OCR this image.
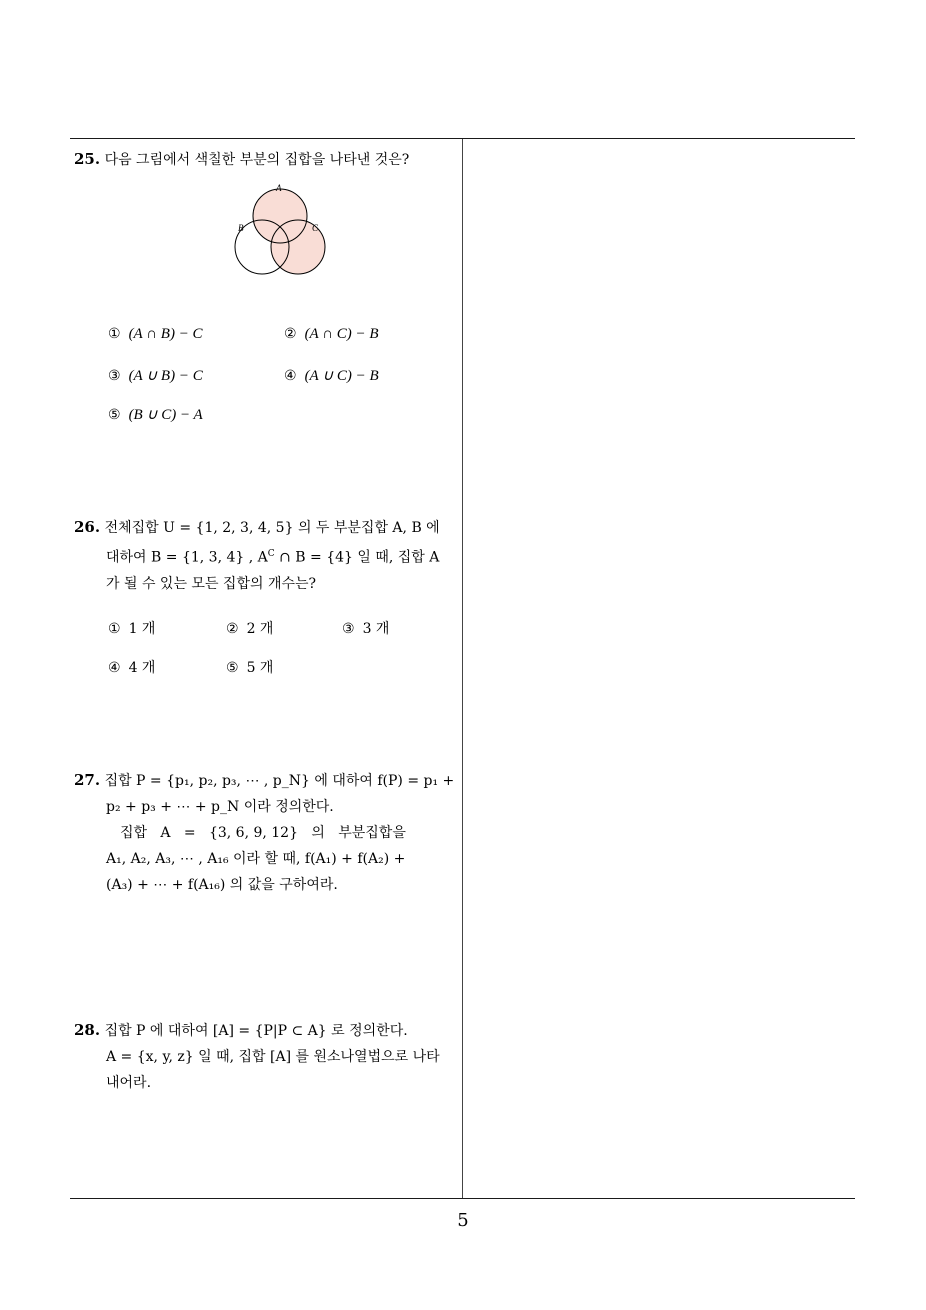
25. 다음 그림에서 색칠한 부분의 집합을 나타낸 것은?
A
B	C
① (A ∩ B) − C	② (A ∩ C) − B
③ (A ∪ B) − C	④ (A ∪ C) − B
⑤ (B ∪ C) − A
26. 전체집합 U = {1, 2, 3, 4, 5} 의 두 부분집합 A, B 에
대하여 B = {1, 3, 4} , $A^C$ ∩ B = {4} 일 때, 집합 A
가 될 수 있는 모든 집합의 개수는?
① 1 개	② 2 개	③ 3 개
④ 4 개	⑤ 5 개
27. 집합 P = {p₁, p₂, p₃, ⋯ , p_N} 에 대하여 f(P) = p₁ +
p₂ + p₃ + ⋯ + p_N 이라 정의한다.
집합   A   =   {3, 6, 9, 12}   의   부분집합을
A₁, A₂, A₃, ⋯ , A₁₆ 이라 할 때, f(A₁) + f(A₂) +
(A₃) + ⋯ + f(A₁₆) 의 값을 구하여라.
28. 집합 P 에 대하여 [A] = {P|P ⊂ A} 로 정의한다.
A = {x, y, z} 일 때, 집합 [A] 를 원소나열법으로 나타
내어라.
5
